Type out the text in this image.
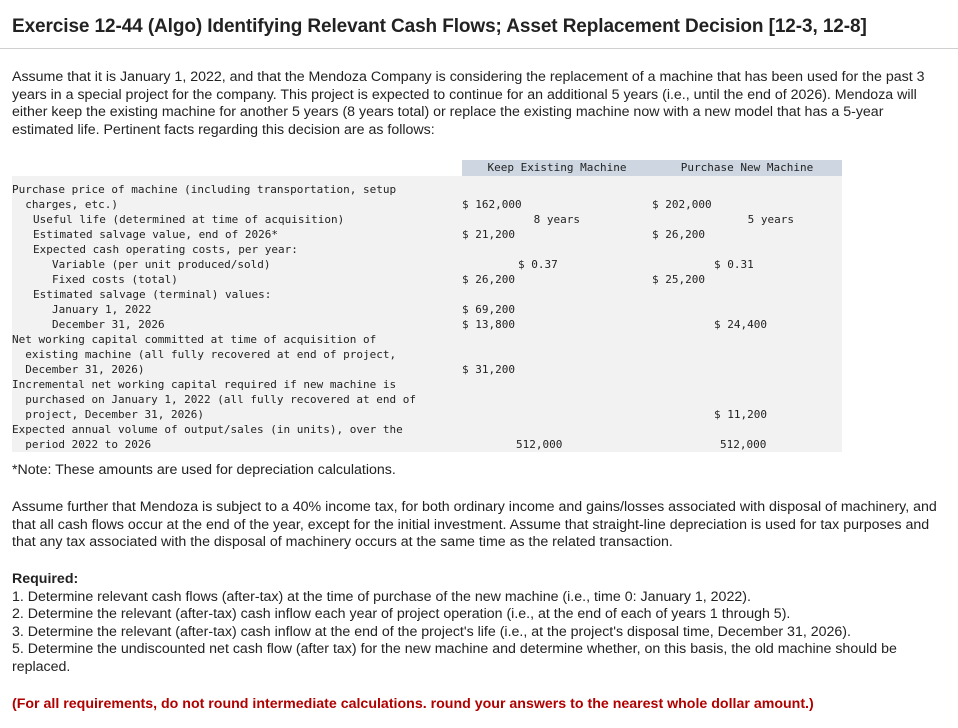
Exercise 12-44 (Algo) Identifying Relevant Cash Flows; Asset Replacement Decision [12-3, 12-8]

Assume that it is January 1, 2022, and that the Mendoza Company is considering the replacement of a machine that has been used for the past 3 years in a special project for the company. This project is expected to continue for an additional 5 years (i.e., until the end of 2026). Mendoza will either keep the existing machine for another 5 years (8 years total) or replace the existing machine now with a new model that has a 5-year estimated life. Pertinent facts regarding this decision are as follows:

	Keep Existing Machine	Purchase New Machine

Purchase price of machine (including transportation, setup		
charges, etc.)	$ 162,000	$ 202,000
Useful life (determined at time of acquisition)	8 years	5 years
Estimated salvage value, end of 2026*	$ 21,200	$ 26,200
Expected cash operating costs, per year:		
Variable (per unit produced/sold)	$ 0.37	$ 0.31
Fixed costs (total)	$ 26,200	$ 25,200
Estimated salvage (terminal) values:		
January 1, 2022	$ 69,200	
December 31, 2026	$ 13,800	$ 24,400
Net working capital committed at time of acquisition of		
existing machine (all fully recovered at end of project,		
December 31, 2026)	$ 31,200	
Incremental net working capital required if new machine is		
purchased on January 1, 2022 (all fully recovered at end of		
project, December 31, 2026)		$ 11,200
Expected annual volume of output/sales (in units), over the		
period 2022 to 2026	512,000	512,000

*Note: These amounts are used for depreciation calculations.

Assume further that Mendoza is subject to a 40% income tax, for both ordinary income and gains/losses associated with disposal of machinery, and that all cash flows occur at the end of the year, except for the initial investment. Assume that straight-line depreciation is used for tax purposes and that any tax associated with the disposal of machinery occurs at the same time as the related transaction.

Required:
1. Determine relevant cash flows (after-tax) at the time of purchase of the new machine (i.e., time 0: January 1, 2022).
2. Determine the relevant (after-tax) cash inflow each year of project operation (i.e., at the end of each of years 1 through 5).
3. Determine the relevant (after-tax) cash inflow at the end of the project's life (i.e., at the project's disposal time, December 31, 2026).
5. Determine the undiscounted net cash flow (after tax) for the new machine and determine whether, on this basis, the old machine should be replaced.

(For all requirements, do not round intermediate calculations. round your answers to the nearest whole dollar amount.)
